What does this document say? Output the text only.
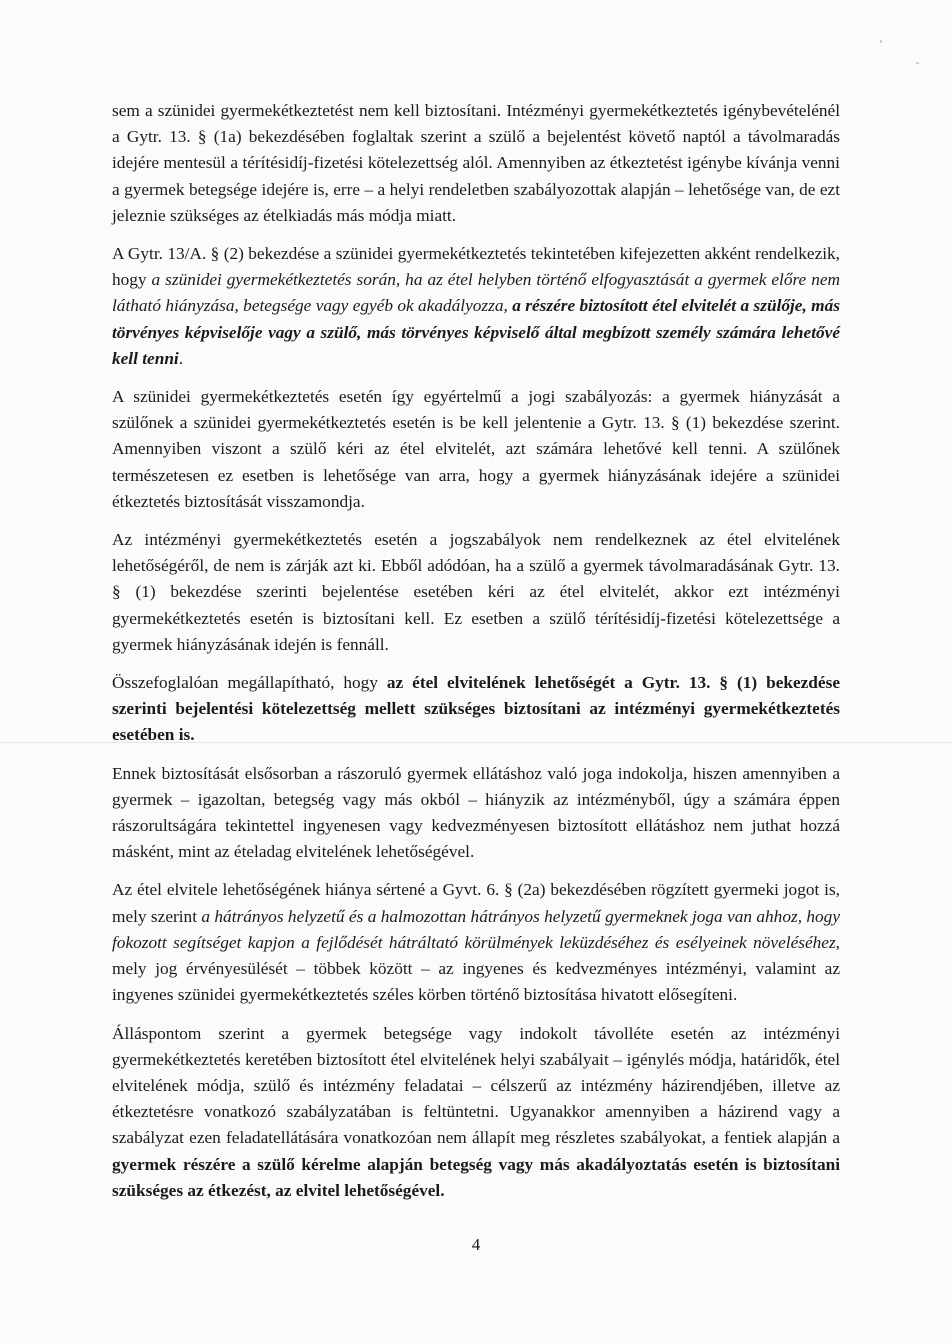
sem a szünidei gyermekétkeztetést nem kell biztosítani. Intézményi gyermekétkeztetés igénybevételénél a Gytr. 13. § (1a) bekezdésében foglaltak szerint a szülő a bejelentést követő naptól a távolmaradás idejére mentesül a térítésidíj-fizetési kötelezettség alól. Amennyiben az étkeztetést igénybe kívánja venni a gyermek betegsége idejére is, erre – a helyi rendeletben szabályozottak alapján – lehetősége van, de ezt jeleznie szükséges az ételkiadás más módja miatt.

A Gytr. 13/A. § (2) bekezdése a szünidei gyermekétkeztetés tekintetében kifejezetten akként rendelkezik, hogy a szünidei gyermekétkeztetés során, ha az étel helyben történő elfogyasztását a gyermek előre nem látható hiányzása, betegsége vagy egyéb ok akadályozza, a részére biztosított étel elvitelét a szülője, más törvényes képviselője vagy a szülő, más törvényes képviselő által megbízott személy számára lehetővé kell tenni.

A szünidei gyermekétkeztetés esetén így egyértelmű a jogi szabályozás: a gyermek hiányzását a szülőnek a szünidei gyermekétkeztetés esetén is be kell jelentenie a Gytr. 13. § (1) bekezdése szerint. Amennyiben viszont a szülő kéri az étel elvitelét, azt számára lehetővé kell tenni. A szülőnek természetesen ez esetben is lehetősége van arra, hogy a gyermek hiányzásának idejére a szünidei étkeztetés biztosítását visszamondja.

Az intézményi gyermekétkeztetés esetén a jogszabályok nem rendelkeznek az étel elvitelének lehetőségéről, de nem is zárják azt ki. Ebből adódóan, ha a szülő a gyermek távolmaradásának Gytr. 13. § (1) bekezdése szerinti bejelentése esetében kéri az étel elvitelét, akkor ezt intézményi gyermekétkeztetés esetén is biztosítani kell. Ez esetben a szülő térítésidíj-fizetési kötelezettsége a gyermek hiányzásának idején is fennáll.

Összefoglalóan megállapítható, hogy az étel elvitelének lehetőségét a Gytr. 13. § (1) bekezdése szerinti bejelentési kötelezettség mellett szükséges biztosítani az intézményi gyermekétkeztetés esetében is.

Ennek biztosítását elsősorban a rászoruló gyermek ellátáshoz való joga indokolja, hiszen amennyiben a gyermek – igazoltan, betegség vagy más okból – hiányzik az intézményből, úgy a számára éppen rászorultságára tekintettel ingyenesen vagy kedvezményesen biztosított ellátáshoz nem juthat hozzá másként, mint az ételadag elvitelének lehetőségével.

Az étel elvitele lehetőségének hiánya sértené a Gyvt. 6. § (2a) bekezdésében rögzített gyermeki jogot is, mely szerint a hátrányos helyzetű és a halmozottan hátrányos helyzetű gyermeknek joga van ahhoz, hogy fokozott segítséget kapjon a fejlődését hátráltató körülmények leküzdéséhez és esélyeinek növeléséhez, mely jog érvényesülését – többek között – az ingyenes és kedvezményes intézményi, valamint az ingyenes szünidei gyermekétkeztetés széles körben történő biztosítása hivatott elősegíteni.

Álláspontom szerint a gyermek betegsége vagy indokolt távolléte esetén az intézményi gyermekétkeztetés keretében biztosított étel elvitelének helyi szabályait – igénylés módja, határidők, étel elvitelének módja, szülő és intézmény feladatai – célszerű az intézmény házirendjében, illetve az étkeztetésre vonatkozó szabályzatában is feltüntetni. Ugyanakkor amennyiben a házirend vagy a szabályzat ezen feladatellátására vonatkozóan nem állapít meg részletes szabályokat, a fentiek alapján a gyermek részére a szülő kérelme alapján betegség vagy más akadályoztatás esetén is biztosítani szükséges az étkezést, az elvitel lehetőségével.

4
